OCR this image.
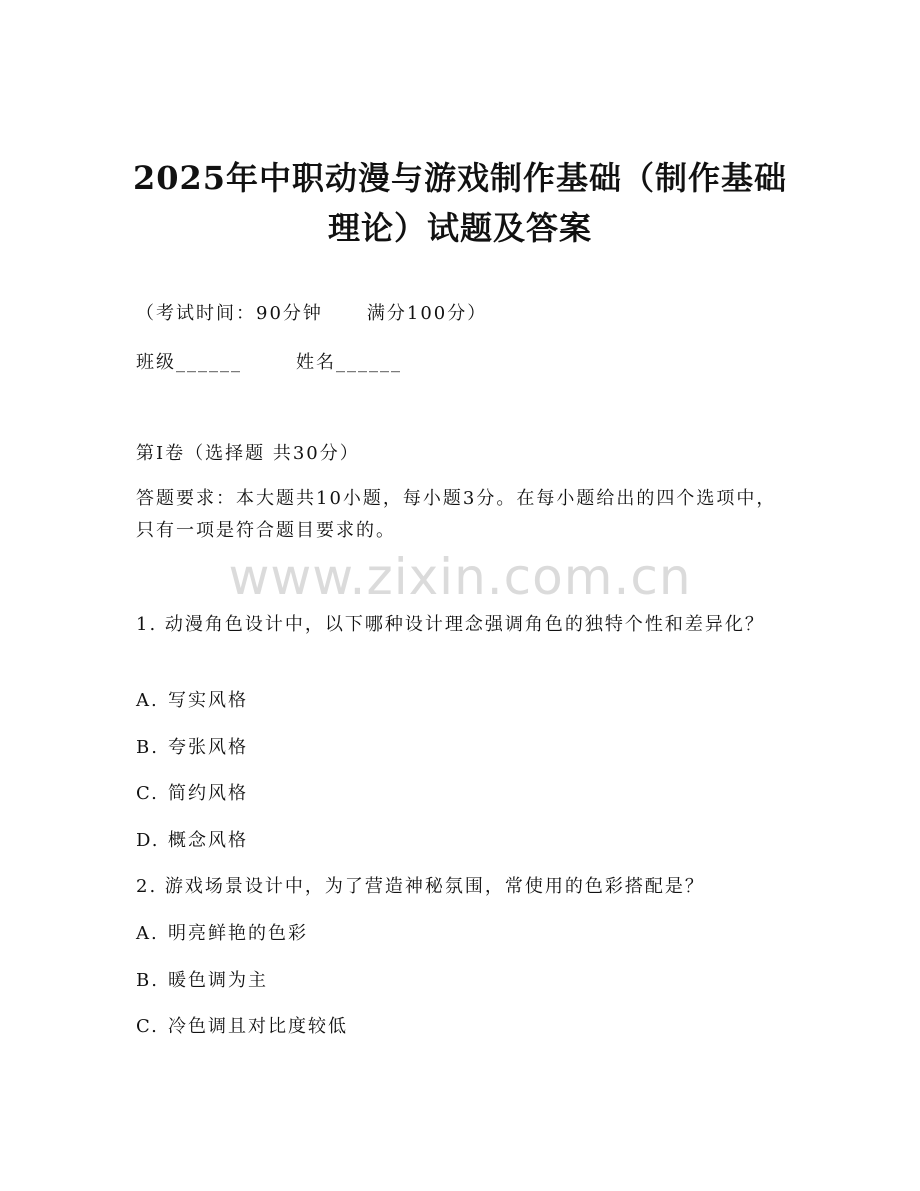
2025年中职动漫与游戏制作基础（制作基础
理论）试题及答案
（考试时间：90分钟 满分100分）
班级______	姓名______
第I卷（选择题 共30分）
答题要求：本大题共10小题，每小题3分。在每小题给出的四个选项中，只有一项是符合题目要求的。
www.zixin.com.cn
1. 动漫角色设计中，以下哪种设计理念强调角色的独特个性和差异化？
A. 写实风格
B. 夸张风格
C. 简约风格
D. 概念风格
2. 游戏场景设计中，为了营造神秘氛围，常使用的色彩搭配是？
A. 明亮鲜艳的色彩
B. 暖色调为主
C. 冷色调且对比度较低
